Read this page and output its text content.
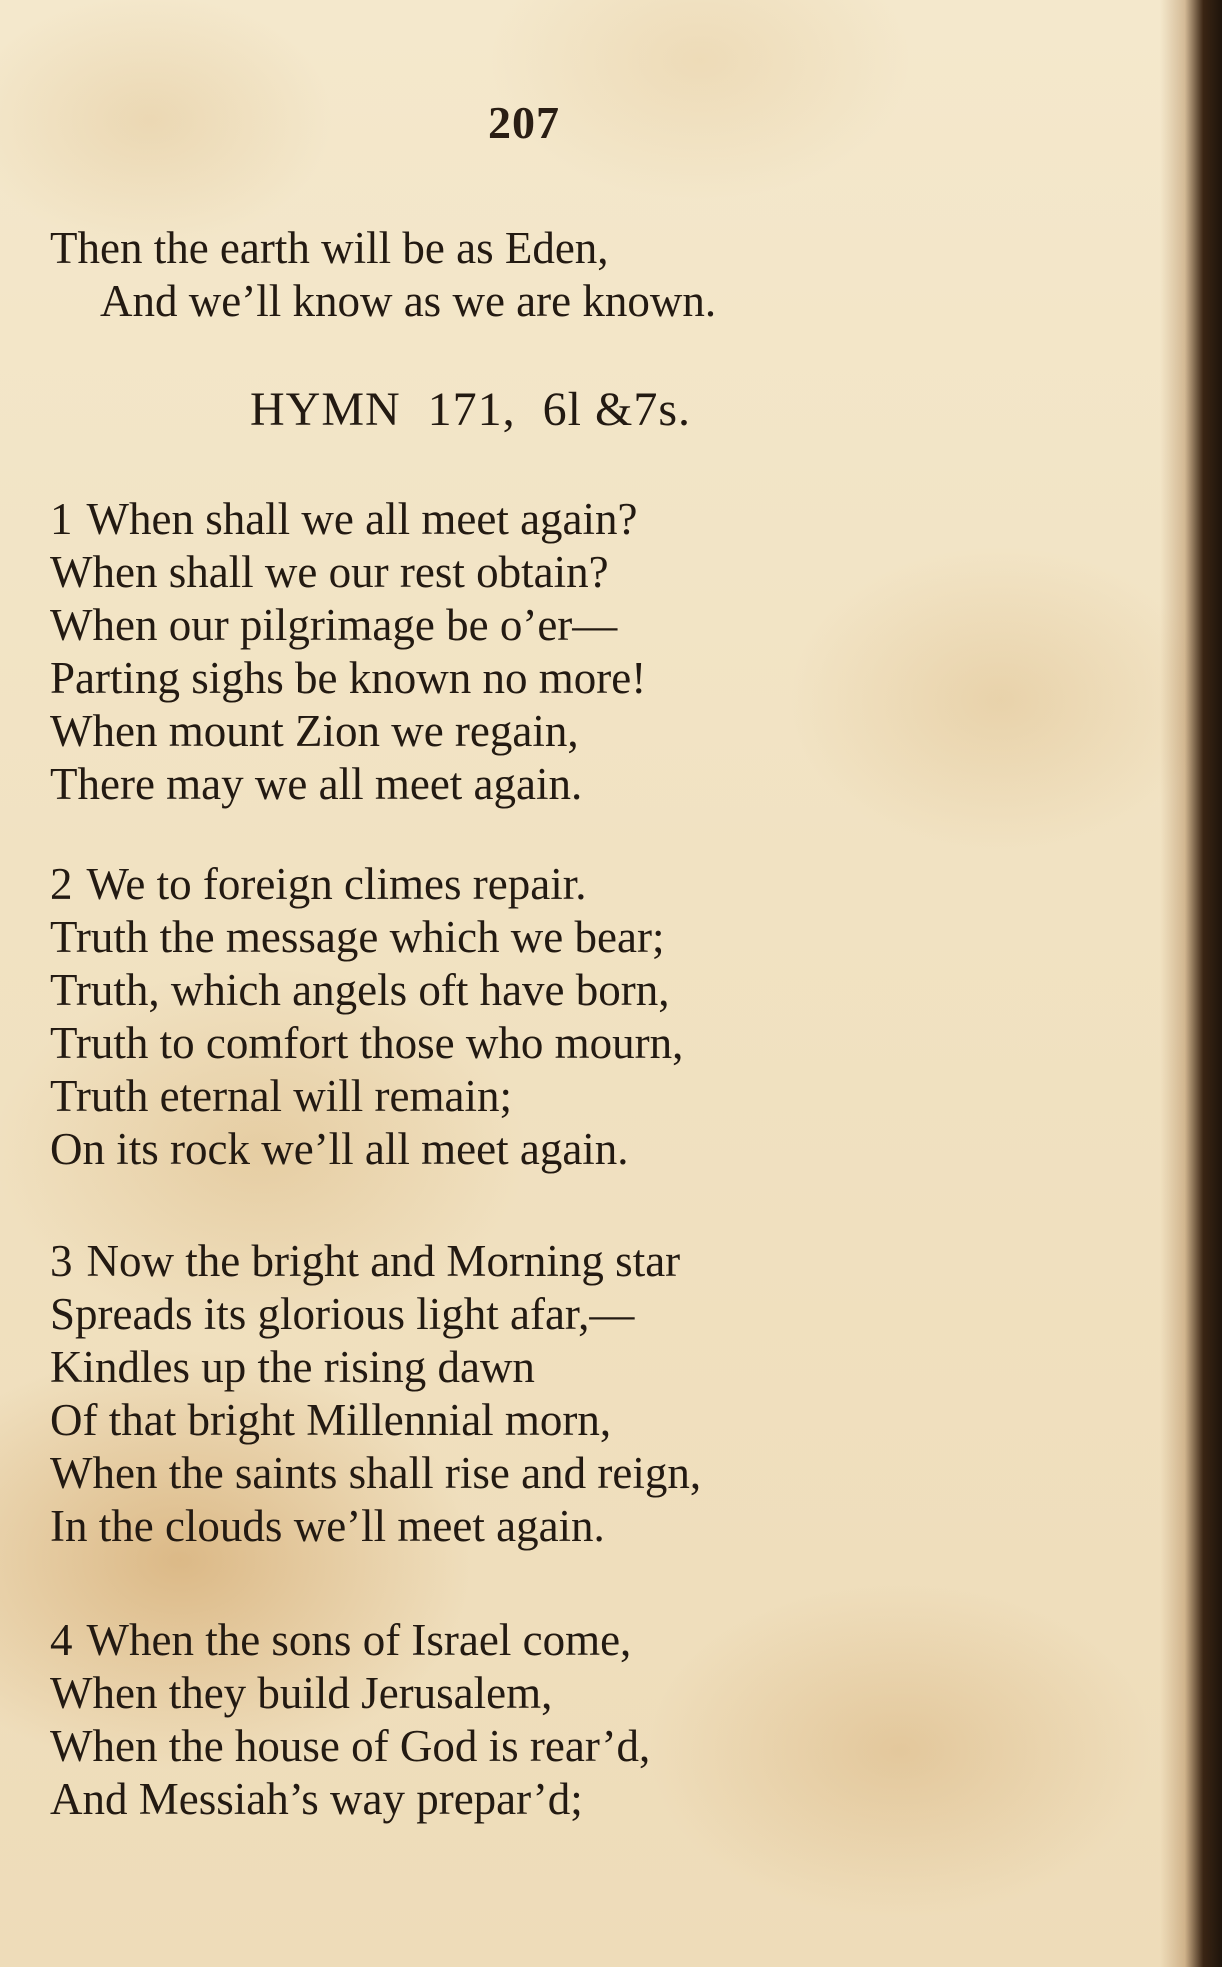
207
Then the earth will be as Eden,
And we’ll know as we are known.
HYMN 171, 6l &7s.
1 When shall we all meet again?
When shall we our rest obtain?
When our pilgrimage be o’er—
Parting sighs be known no more!
When mount Zion we regain,
There may we all meet again.
2 We to foreign climes repair.
Truth the message which we bear;
Truth, which angels oft have born,
Truth to comfort those who mourn,
Truth eternal will remain;
On its rock we’ll all meet again.
3 Now the bright and Morning star
Spreads its glorious light afar,—
Kindles up the rising dawn
Of that bright Millennial morn,
When the saints shall rise and reign,
In the clouds we’ll meet again.
4 When the sons of Israel come,
When they build Jerusalem,
When the house of God is rear’d,
And Messiah’s way prepar’d;
